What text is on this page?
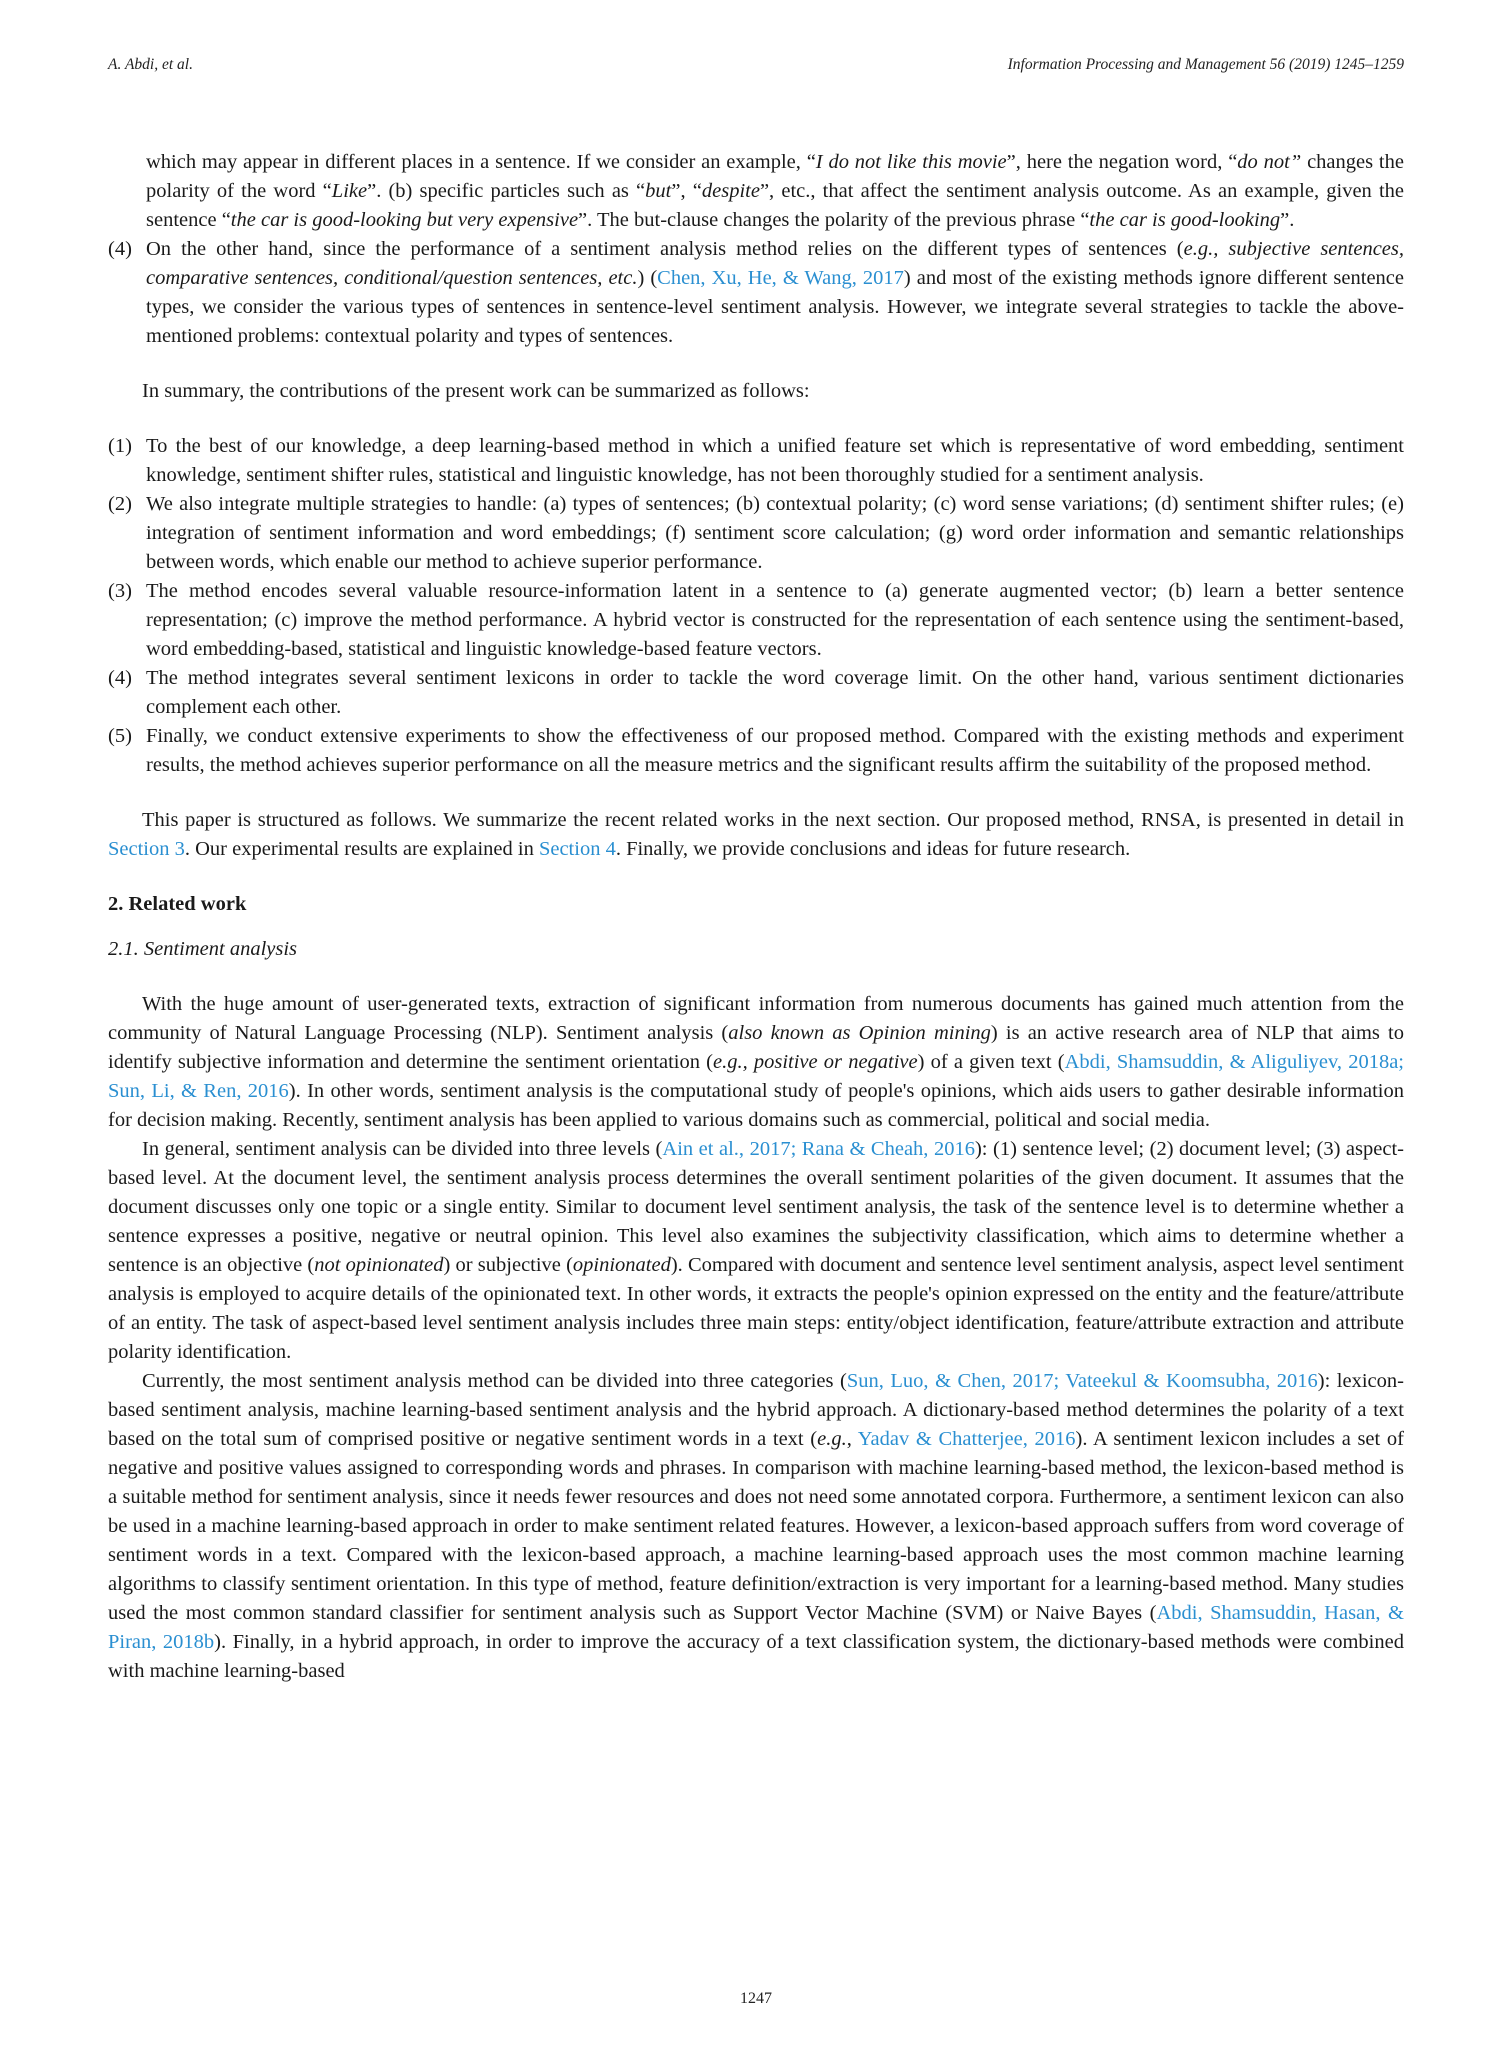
A. Abdi, et al.	Information Processing and Management 56 (2019) 1245–1259

which may appear in different places in a sentence. If we consider an example, “I do not like this movie”, here the negation word, “do not” changes the polarity of the word “Like”. (b) specific particles such as “but”, “despite”, etc., that affect the sentiment analysis outcome. As an example, given the sentence “the car is good-looking but very expensive”. The but-clause changes the polarity of the previous phrase “the car is good-looking”.

(4) On the other hand, since the performance of a sentiment analysis method relies on the different types of sentences (e.g., subjective sentences, comparative sentences, conditional/question sentences, etc.) (Chen, Xu, He, & Wang, 2017) and most of the existing methods ignore different sentence types, we consider the various types of sentences in sentence-level sentiment analysis. However, we integrate several strategies to tackle the above-mentioned problems: contextual polarity and types of sentences.

In summary, the contributions of the present work can be summarized as follows:

(1) To the best of our knowledge, a deep learning-based method in which a unified feature set which is representative of word embedding, sentiment knowledge, sentiment shifter rules, statistical and linguistic knowledge, has not been thoroughly studied for a sentiment analysis.
(2) We also integrate multiple strategies to handle: (a) types of sentences; (b) contextual polarity; (c) word sense variations; (d) sentiment shifter rules; (e) integration of sentiment information and word embeddings; (f) sentiment score calculation; (g) word order information and semantic relationships between words, which enable our method to achieve superior performance.
(3) The method encodes several valuable resource-information latent in a sentence to (a) generate augmented vector; (b) learn a better sentence representation; (c) improve the method performance. A hybrid vector is constructed for the representation of each sentence using the sentiment-based, word embedding-based, statistical and linguistic knowledge-based feature vectors.
(4) The method integrates several sentiment lexicons in order to tackle the word coverage limit. On the other hand, various sentiment dictionaries complement each other.
(5) Finally, we conduct extensive experiments to show the effectiveness of our proposed method. Compared with the existing methods and experiment results, the method achieves superior performance on all the measure metrics and the significant results affirm the suitability of the proposed method.

This paper is structured as follows. We summarize the recent related works in the next section. Our proposed method, RNSA, is presented in detail in Section 3. Our experimental results are explained in Section 4. Finally, we provide conclusions and ideas for future research.

2. Related work

2.1. Sentiment analysis

With the huge amount of user-generated texts, extraction of significant information from numerous documents has gained much attention from the community of Natural Language Processing (NLP). Sentiment analysis (also known as Opinion mining) is an active research area of NLP that aims to identify subjective information and determine the sentiment orientation (e.g., positive or negative) of a given text (Abdi, Shamsuddin, & Aliguliyev, 2018a; Sun, Li, & Ren, 2016). In other words, sentiment analysis is the computational study of people's opinions, which aids users to gather desirable information for decision making. Recently, sentiment analysis has been applied to various domains such as commercial, political and social media.

In general, sentiment analysis can be divided into three levels (Ain et al., 2017; Rana & Cheah, 2016): (1) sentence level; (2) document level; (3) aspect-based level. At the document level, the sentiment analysis process determines the overall sentiment polarities of the given document. It assumes that the document discusses only one topic or a single entity. Similar to document level sentiment analysis, the task of the sentence level is to determine whether a sentence expresses a positive, negative or neutral opinion. This level also examines the subjectivity classification, which aims to determine whether a sentence is an objective (not opinionated) or subjective (opinionated). Compared with document and sentence level sentiment analysis, aspect level sentiment analysis is employed to acquire details of the opinionated text. In other words, it extracts the people's opinion expressed on the entity and the feature/attribute of an entity. The task of aspect-based level sentiment analysis includes three main steps: entity/object identification, feature/attribute extraction and attribute polarity identification.

Currently, the most sentiment analysis method can be divided into three categories (Sun, Luo, & Chen, 2017; Vateekul & Koomsubha, 2016): lexicon-based sentiment analysis, machine learning-based sentiment analysis and the hybrid approach. A dictionary-based method determines the polarity of a text based on the total sum of comprised positive or negative sentiment words in a text (e.g., Yadav & Chatterjee, 2016). A sentiment lexicon includes a set of negative and positive values assigned to corresponding words and phrases. In comparison with machine learning-based method, the lexicon-based method is a suitable method for sentiment analysis, since it needs fewer resources and does not need some annotated corpora. Furthermore, a sentiment lexicon can also be used in a machine learning-based approach in order to make sentiment related features. However, a lexicon-based approach suffers from word coverage of sentiment words in a text. Compared with the lexicon-based approach, a machine learning-based approach uses the most common machine learning algorithms to classify sentiment orientation. In this type of method, feature definition/extraction is very important for a learning-based method. Many studies used the most common standard classifier for sentiment analysis such as Support Vector Machine (SVM) or Naive Bayes (Abdi, Shamsuddin, Hasan, & Piran, 2018b). Finally, in a hybrid approach, in order to improve the accuracy of a text classification system, the dictionary-based methods were combined with machine learning-based

1247
